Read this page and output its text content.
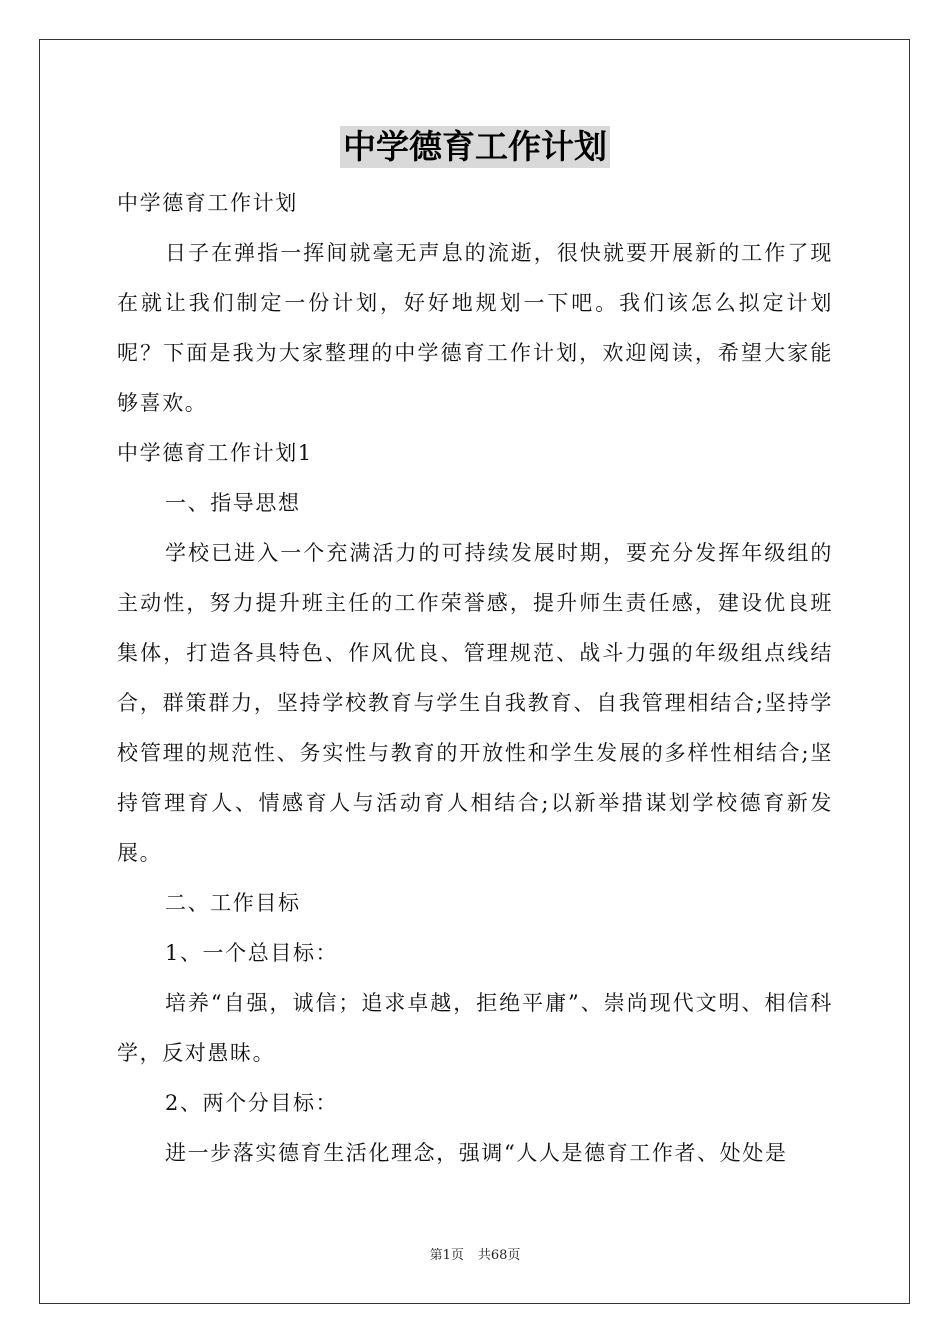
中学德育工作计划

中学德育工作计划

日子在弹指一挥间就毫无声息的流逝，很快就要开展新的工作了现在就让我们制定一份计划，好好地规划一下吧。我们该怎么拟定计划呢？下面是我为大家整理的中学德育工作计划，欢迎阅读，希望大家能够喜欢。

中学德育工作计划1

一、指导思想

学校已进入一个充满活力的可持续发展时期，要充分发挥年级组的主动性，努力提升班主任的工作荣誉感，提升师生责任感，建设优良班集体，打造各具特色、作风优良、管理规范、战斗力强的年级组点线结合，群策群力，坚持学校教育与学生自我教育、自我管理相结合;坚持学校管理的规范性、务实性与教育的开放性和学生发展的多样性相结合;坚持管理育人、情感育人与活动育人相结合;以新举措谋划学校德育新发展。

二、工作目标

1、一个总目标：

培养“自强，诚信；追求卓越，拒绝平庸”、崇尚现代文明、相信科学，反对愚昧。

2、两个分目标：

进一步落实德育生活化理念，强调“人人是德育工作者、处处是

第1页 共68页
